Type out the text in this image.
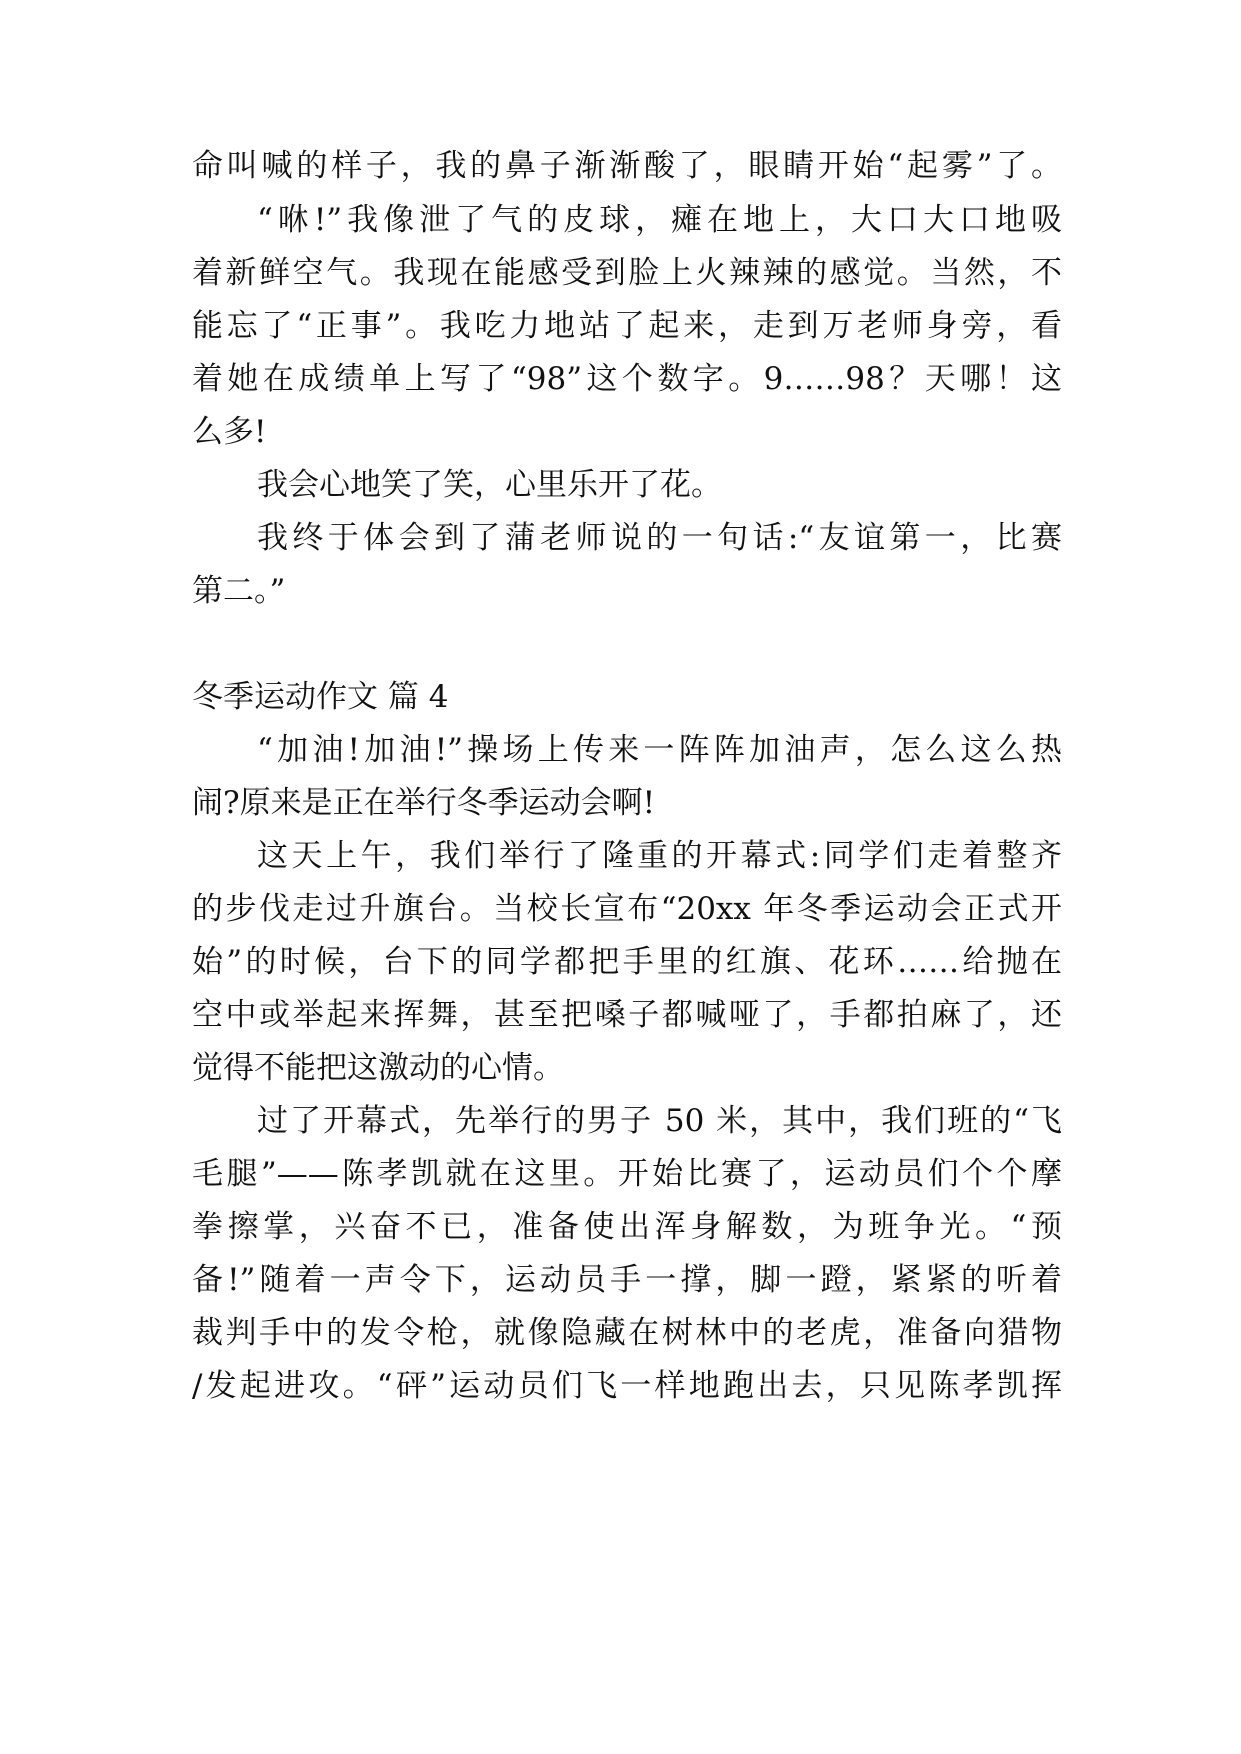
命叫喊的样子，我的鼻子渐渐酸了，眼睛开始“起雾”了。
“咻!”我像泄了气的皮球，瘫在地上，大口大口地吸
着新鲜空气。我现在能感受到脸上火辣辣的感觉。当然，不
能忘了“正事”。我吃力地站了起来，走到万老师身旁，看
着她在成绩单上写了“98”这个数字。9……98？天哪！这
么多!
我会心地笑了笑，心里乐开了花。
我终于体会到了蒲老师说的一句话:“友谊第一，比赛
第二。”
冬季运动作文 篇 4
“加油!加油!”操场上传来一阵阵加油声，怎么这么热
闹?原来是正在举行冬季运动会啊!
这天上午，我们举行了隆重的开幕式:同学们走着整齐
的步伐走过升旗台。当校长宣布“20xx 年冬季运动会正式开
始”的时候，台下的同学都把手里的红旗、花环……给抛在
空中或举起来挥舞，甚至把嗓子都喊哑了，手都拍麻了，还
觉得不能把这激动的心情。
过了开幕式，先举行的男子 50 米，其中，我们班的“飞
毛腿”——陈孝凯就在这里。开始比赛了，运动员们个个摩
拳擦掌，兴奋不已，准备使出浑身解数，为班争光。“预
备!”随着一声令下，运动员手一撑，脚一蹬，紧紧的听着
裁判手中的发令枪，就像隐藏在树林中的老虎，准备向猎物
/发起进攻。“砰”运动员们飞一样地跑出去，只见陈孝凯挥
